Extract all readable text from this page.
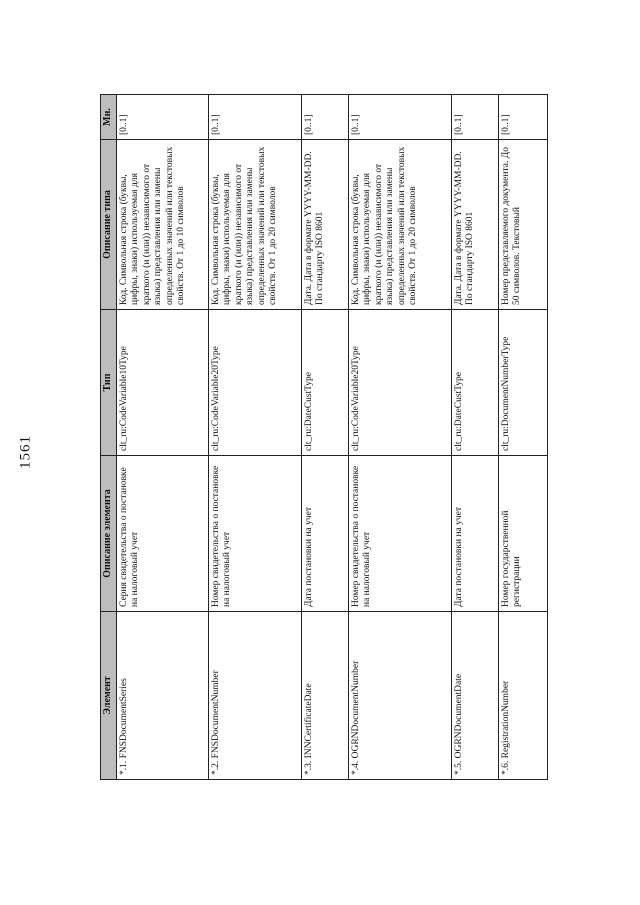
1561
Элемент	Описание элемента	Тип	Описание типа	Мн.
*.1. FNSDocumentSeries	Серия свидетельства о постановке на налоговый учет	clt_ru:CodeVariable10Type	Код. Символьная строка (буквы, цифры, знаки) используемая для краткого (и (или)) независимого от языка) представления или замены определенных значений или текстовых свойств. От 1 до 10 символов	[0..1]
*.2. FNSDocumentNumber	Номер свидетельства о постановке на налоговый учет	clt_ru:CodeVariable20Type	Код. Символьная строка (буквы, цифры, знаки) используемая для краткого (и (или)) независимого от языка) представления или замены определенных значений или текстовых свойств. От 1 до 20 символов	[0..1]
*.3. INNCertificateDate	Дата постановки на учет	clt_ru:DateCustType	Дата. Дата в формате YYYY-MM-DD. По стандарту ISO 8601	[0..1]
*.4. OGRNDocumentNumber	Номер свидетельства о постановке на налоговый учет	clt_ru:CodeVariable20Type	Код. Символьная строка (буквы, цифры, знаки) используемая для краткого (и (или)) независимого от языка) представления или замены определенных значений или текстовых свойств. От 1 до 20 символов	[0..1]
*.5. OGRNDocumentDate	Дата постановки на учет	clt_ru:DateCustType	Дата. Дата в формате YYYY-MM-DD. По стандарту ISO 8601	[0..1]
*.6. RegistrationNumber	Номер государственной регистрации	clt_ru:DocumentNumberType	Номер представляемого документа. До 50 символов. Текстовый	[0..1]
